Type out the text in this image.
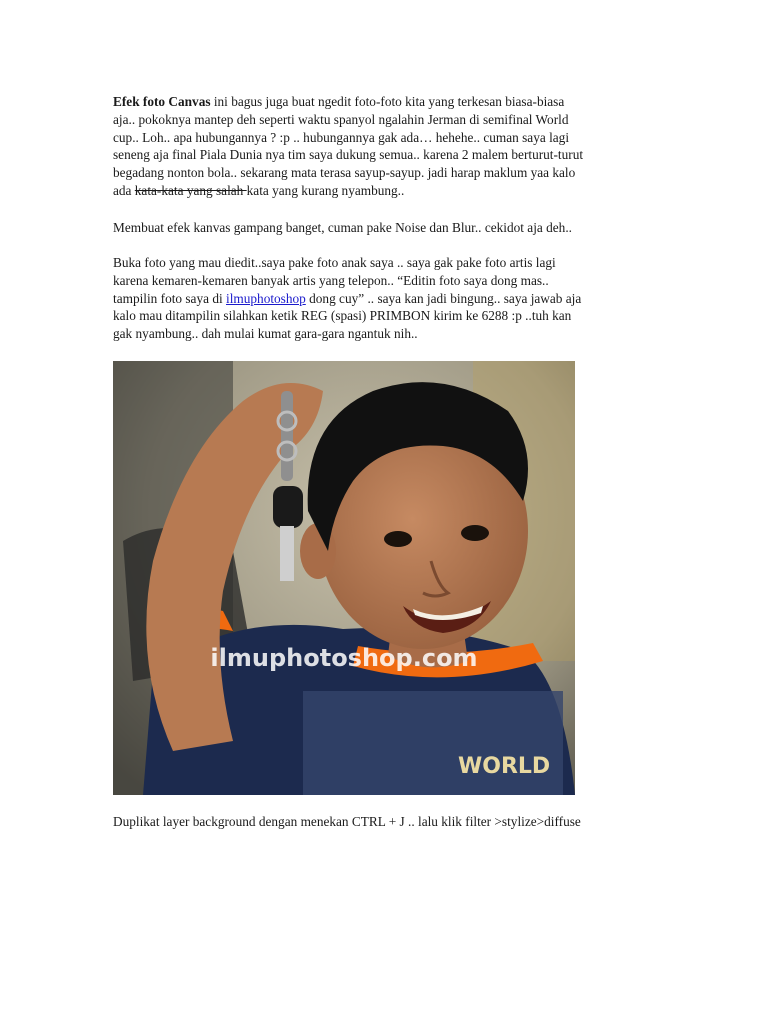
Efek foto Canvas ini bagus juga buat ngedit foto-foto kita yang terkesan biasa-biasa
aja.. pokoknya mantep deh seperti waktu spanyol ngalahin Jerman di semifinal World
cup.. Loh.. apa hubungannya ? :p .. hubungannya gak ada… hehehe.. cuman saya lagi
seneng aja final Piala Dunia nya tim saya dukung semua.. karena 2 malem berturut-turut
begadang nonton bola.. sekarang mata terasa sayup-sayup. jadi harap maklum yaa kalo
ada kata-kata yang salah kata yang kurang nyambung..

Membuat efek kanvas gampang banget, cuman pake Noise dan Blur.. cekidot aja deh..

Buka foto yang mau diedit..saya pake foto anak saya .. saya gak pake foto artis lagi
karena kemaren-kemaren banyak artis yang telepon.. “Editin foto saya dong mas..
tampilin foto saya di ilmuphotoshop dong cuy” .. saya kan jadi bingung.. saya jawab aja
kalo mau ditampilin silahkan ketik REG (spasi) PRIMBON kirim ke 6288 :p ..tuh kan
gak nyambung.. dah mulai kumat gara-gara ngantuk nih..

WORLD
ilmuphotoshop.com

Duplikat layer background dengan menekan CTRL + J .. lalu klik filter >stylize>diffuse
